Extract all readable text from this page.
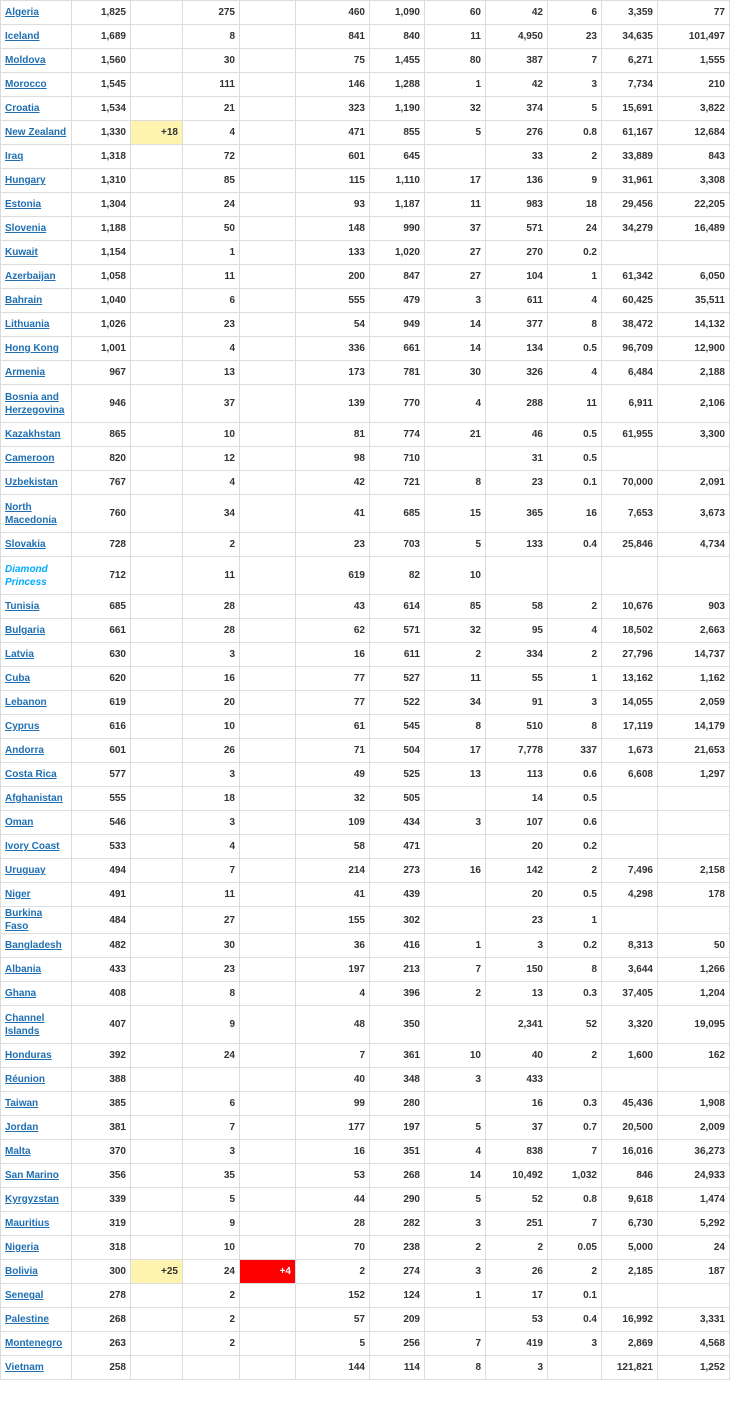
Algeria	1,825		275		460	1,090	60	42	6	3,359	77
Iceland	1,689		8		841	840	11	4,950	23	34,635	101,497
Moldova	1,560		30		75	1,455	80	387	7	6,271	1,555
Morocco	1,545		111		146	1,288	1	42	3	7,734	210
Croatia	1,534		21		323	1,190	32	374	5	15,691	3,822
New Zealand	1,330	+18	4		471	855	5	276	0.8	61,167	12,684
Iraq	1,318		72		601	645		33	2	33,889	843
Hungary	1,310		85		115	1,110	17	136	9	31,961	3,308
Estonia	1,304		24		93	1,187	11	983	18	29,456	22,205
Slovenia	1,188		50		148	990	37	571	24	34,279	16,489
Kuwait	1,154		1		133	1,020	27	270	0.2		
Azerbaijan	1,058		11		200	847	27	104	1	61,342	6,050
Bahrain	1,040		6		555	479	3	611	4	60,425	35,511
Lithuania	1,026		23		54	949	14	377	8	38,472	14,132
Hong Kong	1,001		4		336	661	14	134	0.5	96,709	12,900
Armenia	967		13		173	781	30	326	4	6,484	2,188
Bosnia and Herzegovina	946		37		139	770	4	288	11	6,911	2,106
Kazakhstan	865		10		81	774	21	46	0.5	61,955	3,300
Cameroon	820		12		98	710		31	0.5		
Uzbekistan	767		4		42	721	8	23	0.1	70,000	2,091
North Macedonia	760		34		41	685	15	365	16	7,653	3,673
Slovakia	728		2		23	703	5	133	0.4	25,846	4,734
Diamond Princess	712		11		619	82	10				
Tunisia	685		28		43	614	85	58	2	10,676	903
Bulgaria	661		28		62	571	32	95	4	18,502	2,663
Latvia	630		3		16	611	2	334	2	27,796	14,737
Cuba	620		16		77	527	11	55	1	13,162	1,162
Lebanon	619		20		77	522	34	91	3	14,055	2,059
Cyprus	616		10		61	545	8	510	8	17,119	14,179
Andorra	601		26		71	504	17	7,778	337	1,673	21,653
Costa Rica	577		3		49	525	13	113	0.6	6,608	1,297
Afghanistan	555		18		32	505		14	0.5		
Oman	546		3		109	434	3	107	0.6		
Ivory Coast	533		4		58	471		20	0.2		
Uruguay	494		7		214	273	16	142	2	7,496	2,158
Niger	491		11		41	439		20	0.5	4,298	178
Burkina Faso	484		27		155	302		23	1		
Bangladesh	482		30		36	416	1	3	0.2	8,313	50
Albania	433		23		197	213	7	150	8	3,644	1,266
Ghana	408		8		4	396	2	13	0.3	37,405	1,204
Channel Islands	407		9		48	350		2,341	52	3,320	19,095
Honduras	392		24		7	361	10	40	2	1,600	162
Réunion	388				40	348	3	433			
Taiwan	385		6		99	280		16	0.3	45,436	1,908
Jordan	381		7		177	197	5	37	0.7	20,500	2,009
Malta	370		3		16	351	4	838	7	16,016	36,273
San Marino	356		35		53	268	14	10,492	1,032	846	24,933
Kyrgyzstan	339		5		44	290	5	52	0.8	9,618	1,474
Mauritius	319		9		28	282	3	251	7	6,730	5,292
Nigeria	318		10		70	238	2	2	0.05	5,000	24
Bolivia	300	+25	24	+4	2	274	3	26	2	2,185	187
Senegal	278		2		152	124	1	17	0.1		
Palestine	268		2		57	209		53	0.4	16,992	3,331
Montenegro	263		2		5	256	7	419	3	2,869	4,568
Vietnam	258				144	114	8	3		121,821	1,252
